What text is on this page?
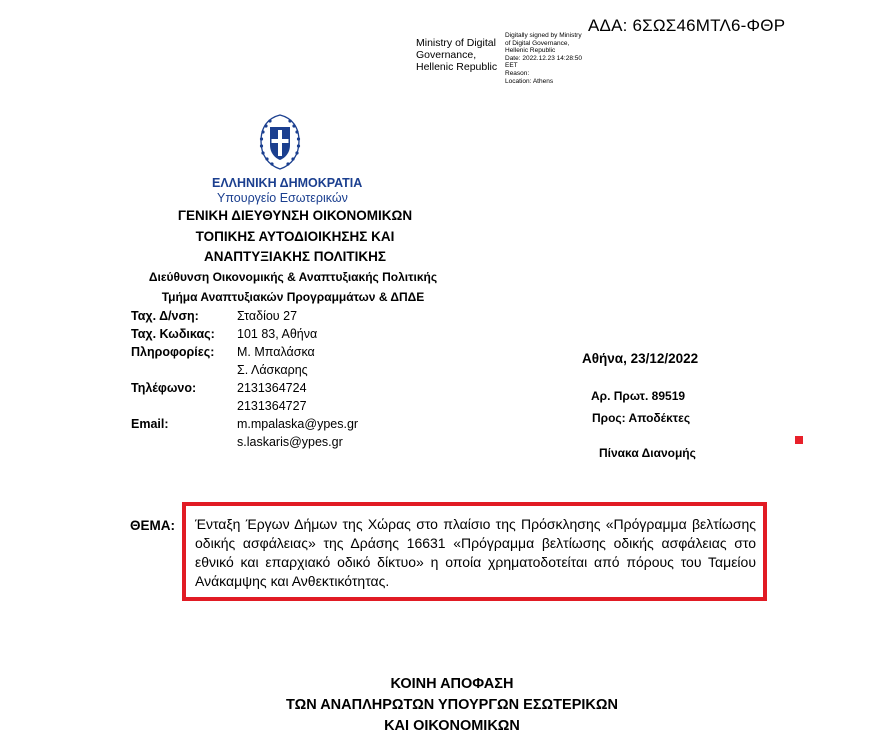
ΑΔΑ: 6ΣΩΣ46ΜΤΛ6-ΦΘΡ
Ministry of Digital
Governance,
Hellenic Republic
Digitally signed by Ministry
of Digital Governance,
Hellenic Republic
Date: 2022.12.23 14:28:50
EET
Reason:
Location: Athens
ΕΛΛΗΝΙΚΗ ΔΗΜΟΚΡΑΤΙΑ
Υπουργείο Εσωτερικών
ΓΕΝΙΚΗ ΔΙΕΥΘΥΝΣΗ ΟΙΚΟΝΟΜΙΚΩΝ
ΤΟΠΙΚΗΣ ΑΥΤΟΔΙΟΙΚΗΣΗΣ ΚΑΙ
ΑΝΑΠΤΥΞΙΑΚΗΣ ΠΟΛΙΤΙΚΗΣ
Διεύθυνση Οικονομικής & Αναπτυξιακής Πολιτικής
Τμήμα Αναπτυξιακών Προγραμμάτων & ΔΠΔΕ
Ταχ. Δ/νση:	Σταδίου 27
Ταχ. Κωδικας: 101 83, Αθήνα
Πληροφορίες: Μ. Μπαλάσκα
Σ. Λάσκαρης
Τηλέφωνο:	2131364724
2131364727
Email:	m.mpalaska@ypes.gr
s.laskaris@ypes.gr
Αθήνα, 23/12/2022
Αρ. Πρωτ. 89519
Προς: Αποδέκτες
Πίνακα Διανομής
ΘΕΜΑ: Ένταξη Έργων Δήμων της Χώρας στο πλαίσιο της Πρόσκλησης «Πρόγραμμα βελτίωσης οδικής ασφάλειας» της Δράσης 16631 «Πρόγραμμα βελτίωσης οδικής ασφάλειας στο εθνικό και επαρχιακό οδικό δίκτυο» η οποία χρηματοδοτείται από πόρους του Ταμείου Ανάκαμψης και Ανθεκτικότητας.
ΚΟΙΝΗ ΑΠΟΦΑΣΗ
ΤΩΝ ΑΝΑΠΛΗΡΩΤΩΝ ΥΠΟΥΡΓΩΝ ΕΣΩΤΕΡΙΚΩΝ
ΚΑΙ ΟΙΚΟΝΟΜΙΚΩΝ
